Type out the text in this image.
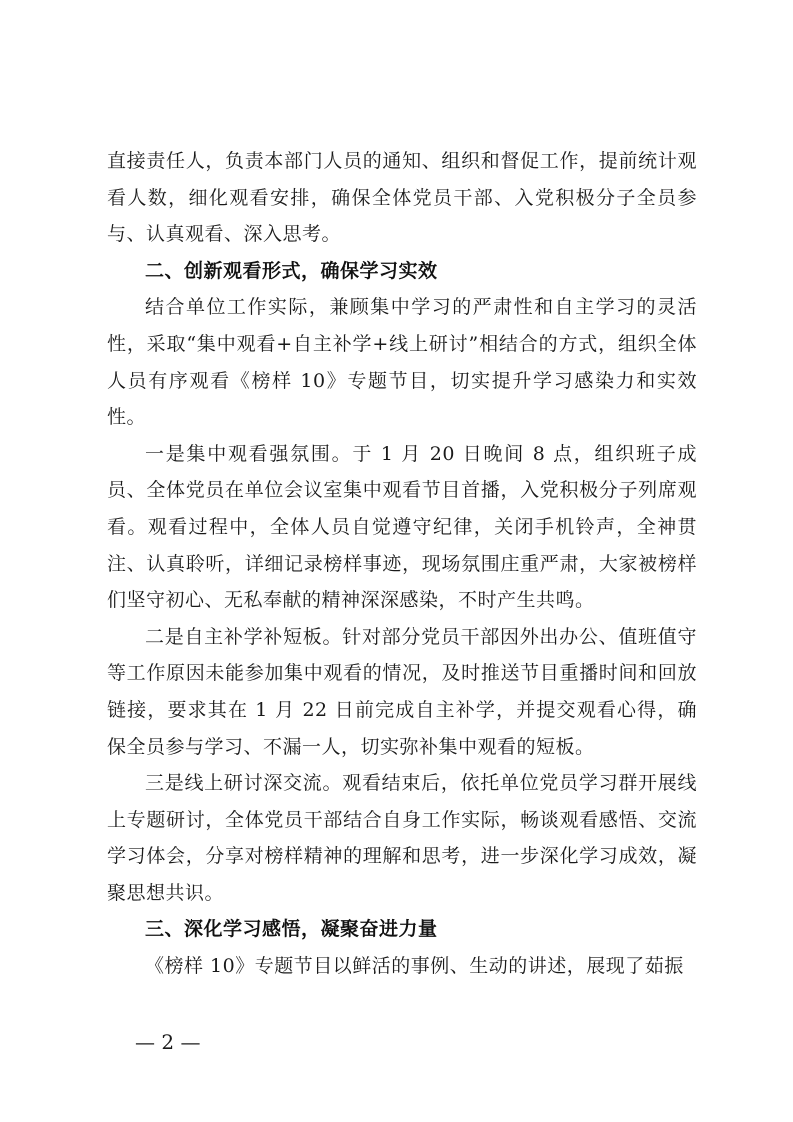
直接责任人，负责本部门人员的通知、组织和督促工作，提前统计观看人数，细化观看安排，确保全体党员干部、入党积极分子全员参与、认真观看、深入思考。

二、创新观看形式，确保学习实效

结合单位工作实际，兼顾集中学习的严肃性和自主学习的灵活性，采取“集中观看+自主补学+线上研讨”相结合的方式，组织全体人员有序观看《榜样 10》专题节目，切实提升学习感染力和实效性。

一是集中观看强氛围。于 1 月 20 日晚间 8 点，组织班子成员、全体党员在单位会议室集中观看节目首播，入党积极分子列席观看。观看过程中，全体人员自觉遵守纪律，关闭手机铃声，全神贯注、认真聆听，详细记录榜样事迹，现场氛围庄重严肃，大家被榜样们坚守初心、无私奉献的精神深深感染，不时产生共鸣。

二是自主补学补短板。针对部分党员干部因外出办公、值班值守等工作原因未能参加集中观看的情况，及时推送节目重播时间和回放链接，要求其在 1 月 22 日前完成自主补学，并提交观看心得，确保全员参与学习、不漏一人，切实弥补集中观看的短板。

三是线上研讨深交流。观看结束后，依托单位党员学习群开展线上专题研讨，全体党员干部结合自身工作实际，畅谈观看感悟、交流学习体会，分享对榜样精神的理解和思考，进一步深化学习成效，凝聚思想共识。

三、深化学习感悟，凝聚奋进力量

《榜样 10》专题节目以鲜活的事例、生动的讲述，展现了茹振

— 2 —
